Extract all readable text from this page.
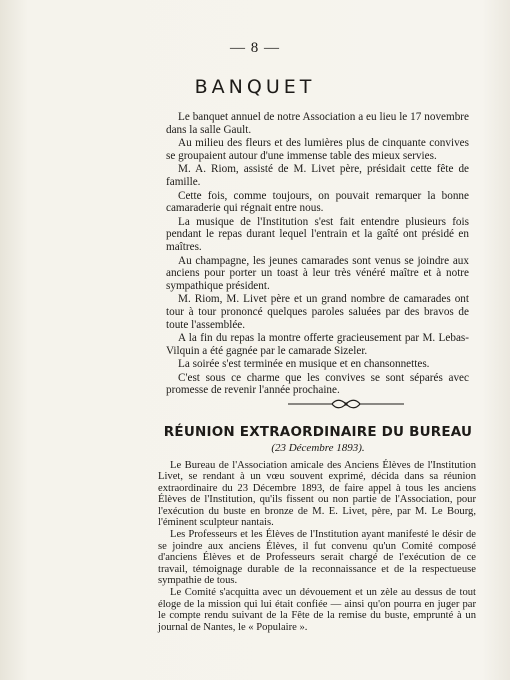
— 8 —
BANQUET

Le banquet annuel de notre Association a eu lieu le 17 novembre dans la salle Gault.

Au milieu des fleurs et des lumières plus de cinquante convives se groupaient autour d'une immense table des mieux servies.

M. A. Riom, assisté de M. Livet père, présidait cette fête de famille.

Cette fois, comme toujours, on pouvait remarquer la bonne camaraderie qui régnait entre nous.

La musique de l'Institution s'est fait entendre plusieurs fois pendant le repas durant lequel l'entrain et la gaîté ont présidé en maîtres.

Au champagne, les jeunes camarades sont venus se joindre aux anciens pour porter un toast à leur très vénéré maître et à notre sympathique président.

M. Riom, M. Livet père et un grand nombre de camarades ont tour à tour prononcé quelques paroles saluées par des bravos de toute l'assemblée.

A la fin du repas la montre offerte gracieusement par M. Lebas-Vilquin a été gagnée par le camarade Sizeler.

La soirée s'est terminée en musique et en chansonnettes.

C'est sous ce charme que les convives se sont séparés avec promesse de revenir l'année prochaine.

RÉUNION EXTRAORDINAIRE DU BUREAU
(23 Décembre 1893).

Le Bureau de l'Association amicale des Anciens Élèves de l'Institution Livet, se rendant à un vœu souvent exprimé, décida dans sa réunion extraordinaire du 23 Décembre 1893, de faire appel à tous les anciens Élèves de l'Institution, qu'ils fissent ou non partie de l'Association, pour l'exécution du buste en bronze de M. E. Livet, père, par M. Le Bourg, l'éminent sculpteur nantais.

Les Professeurs et les Élèves de l'Institution ayant manifesté le désir de se joindre aux anciens Élèves, il fut convenu qu'un Comité composé d'anciens Élèves et de Professeurs serait chargé de l'exécution de ce travail, témoignage durable de la reconnaissance et de la respectueuse sympathie de tous.

Le Comité s'acquitta avec un dévouement et un zèle au dessus de tout éloge de la mission qui lui était confiée — ainsi qu'on pourra en juger par le compte rendu suivant de la Fête de la remise du buste, emprunté à un journal de Nantes, le « Populaire ».
